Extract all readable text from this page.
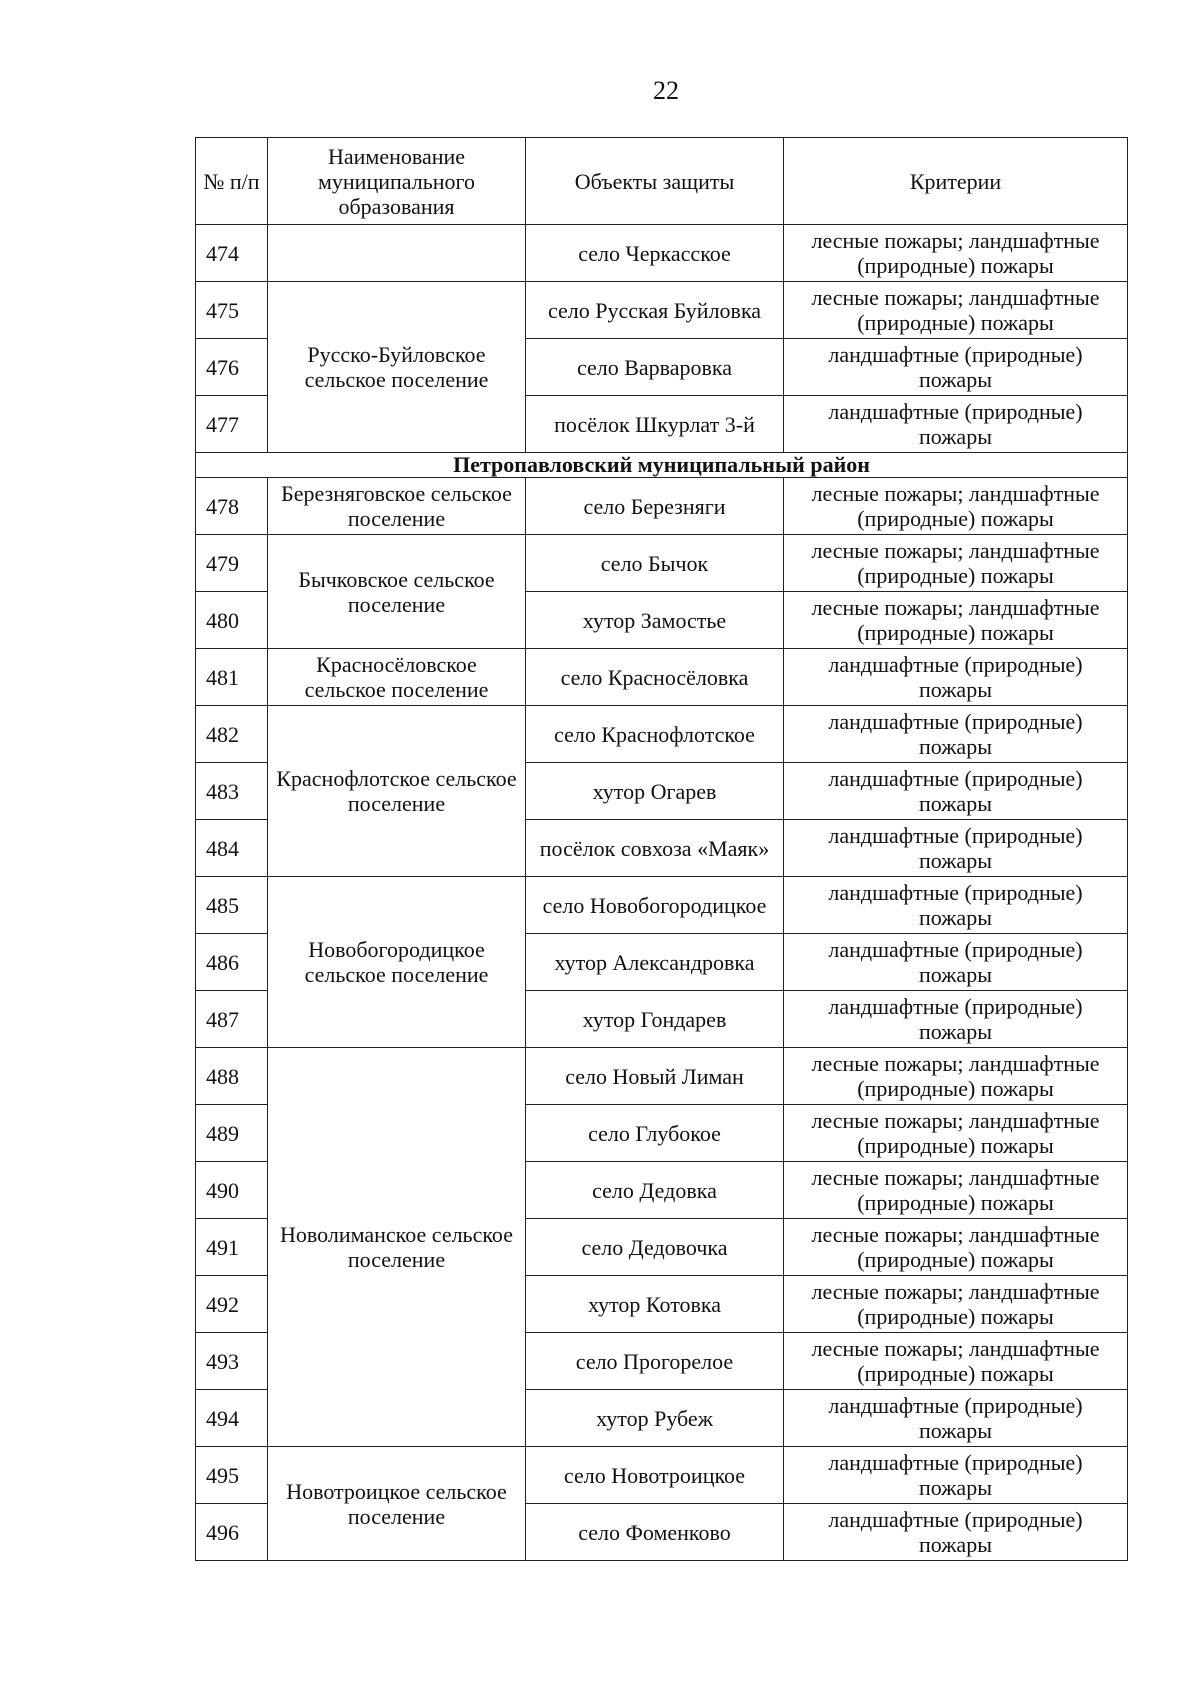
22
№ п/п	Наименование муниципального образования	Объекты защиты	Критерии
474		село Черкасское	лесные пожары; ландшафтные (природные) пожары
475	Русско-Буйловское сельское поселение	село Русская Буйловка	лесные пожары; ландшафтные (природные) пожары
476		село Варваровка	ландшафтные (природные) пожары
477		посёлок Шкурлат 3-й	ландшафтные (природные) пожары
Петропавловский муниципальный район			
478	Березняговское сельское поселение	село Березняги	лесные пожары; ландшафтные (природные) пожары
479	Бычковское сельское поселение	село Бычок	лесные пожары; ландшафтные (природные) пожары
480		хутор Замостье	лесные пожары; ландшафтные (природные) пожары
481	Красносёловское сельское поселение	село Красносёловка	ландшафтные (природные) пожары
482	Краснофлотское сельское поселение	село Краснофлотское	ландшафтные (природные) пожары
483		хутор Огарев	ландшафтные (природные) пожары
484		посёлок совхоза «Маяк»	ландшафтные (природные) пожары
485	Новобогородицкое сельское поселение	село Новобогородицкое	ландшафтные (природные) пожары
486		хутор Александровка	ландшафтные (природные) пожары
487		хутор Гондарев	ландшафтные (природные) пожары
488	Новолиманское сельское поселение	село Новый Лиман	лесные пожары; ландшафтные (природные) пожары
489		село Глубокое	лесные пожары; ландшафтные (природные) пожары
490		село Дедовка	лесные пожары; ландшафтные (природные) пожары
491		село Дедовочка	лесные пожары; ландшафтные (природные) пожары
492		хутор Котовка	лесные пожары; ландшафтные (природные) пожары
493		село Прогорелое	лесные пожары; ландшафтные (природные) пожары
494		хутор Рубеж	ландшафтные (природные) пожары
495	Новотроицкое сельское поселение	село Новотроицкое	ландшафтные (природные) пожары
496		село Фоменково	ландшафтные (природные) пожары
